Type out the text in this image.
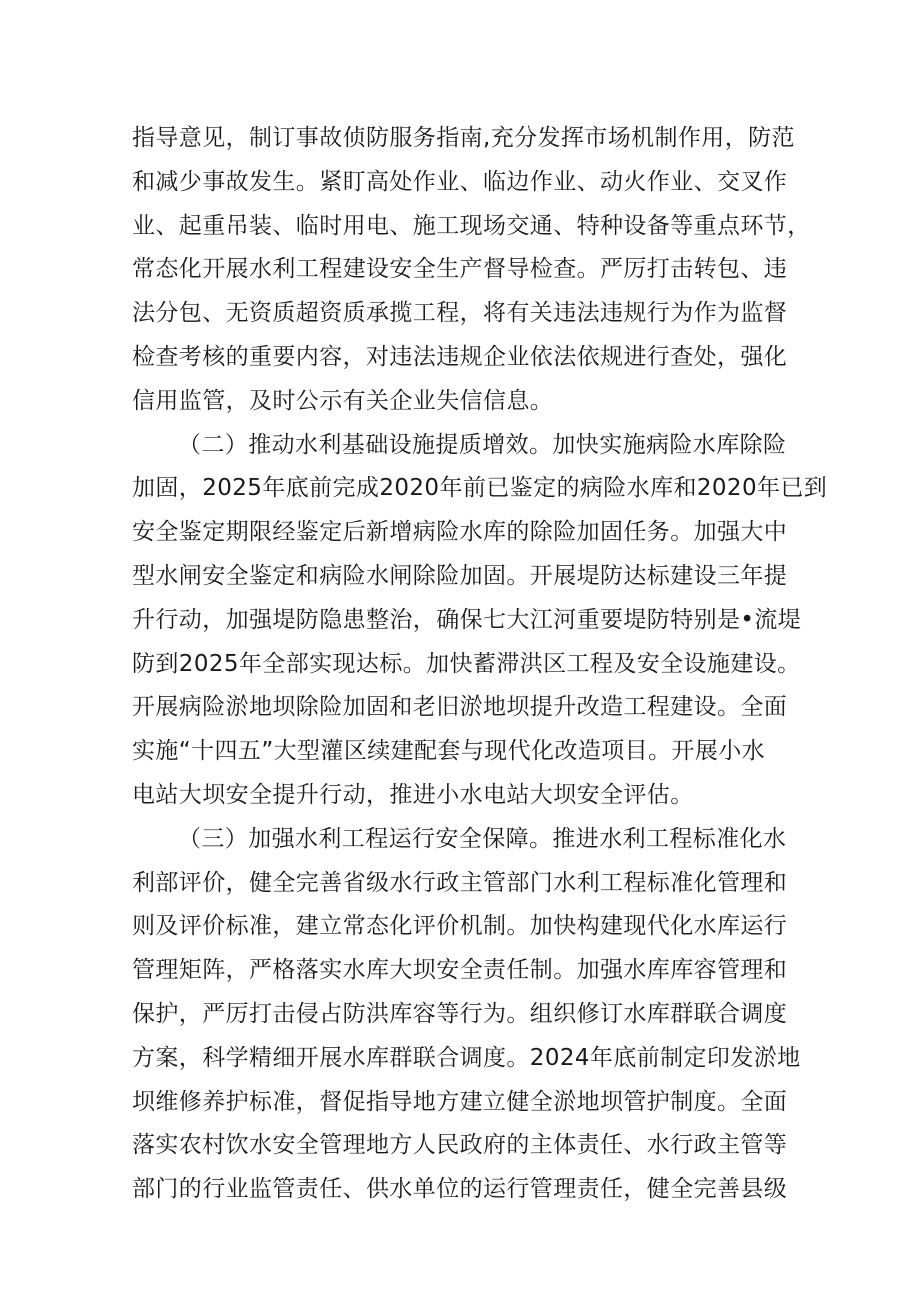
指导意见，制订事故侦防服务指南,充分发挥市场机制作用，防范
和减少事故发生。紧盯高处作业、临边作业、动火作业、交叉作
业、起重吊装、临时用电、施工现场交通、特种设备等重点环节，
常态化开展水利工程建设安全生产督导检查。严厉打击转包、违
法分包、无资质超资质承揽工程，将有关违法违规行为作为监督
检查考核的重要内容，对违法违规企业依法依规进行查处，强化
信用监管，及时公示有关企业失信信息。
（二）推动水利基础设施提质增效。加快实施病险水库除险
加固，2025年底前完成2020年前已鉴定的病险水库和2020年已到
安全鉴定期限经鉴定后新增病险水库的除险加固任务。加强大中
型水闸安全鉴定和病险水闸除险加固。开展堤防达标建设三年提
升行动，加强堤防隐患整治，确保七大江河重要堤防特别是•流堤
防到2025年全部实现达标。加快蓄滞洪区工程及安全设施建设。
开展病险淤地坝除险加固和老旧淤地坝提升改造工程建设。全面
实施“十四五”大型灌区续建配套与现代化改造项目。开展小水
电站大坝安全提升行动，推进小水电站大坝安全评估。
（三）加强水利工程运行安全保障。推进水利工程标准化水
利部评价，健全完善省级水行政主管部门水利工程标准化管理和
则及评价标准，建立常态化评价机制。加快构建现代化水库运行
管理矩阵，严格落实水库大坝安全责任制。加强水库库容管理和
保护，严厉打击侵占防洪库容等行为。组织修订水库群联合调度
方案，科学精细开展水库群联合调度。2024年底前制定印发淤地
坝维修养护标准，督促指导地方建立健全淤地坝管护制度。全面
落实农村饮水安全管理地方人民政府的主体责任、水行政主管等
部门的行业监管责任、供水单位的运行管理责任，健全完善县级
